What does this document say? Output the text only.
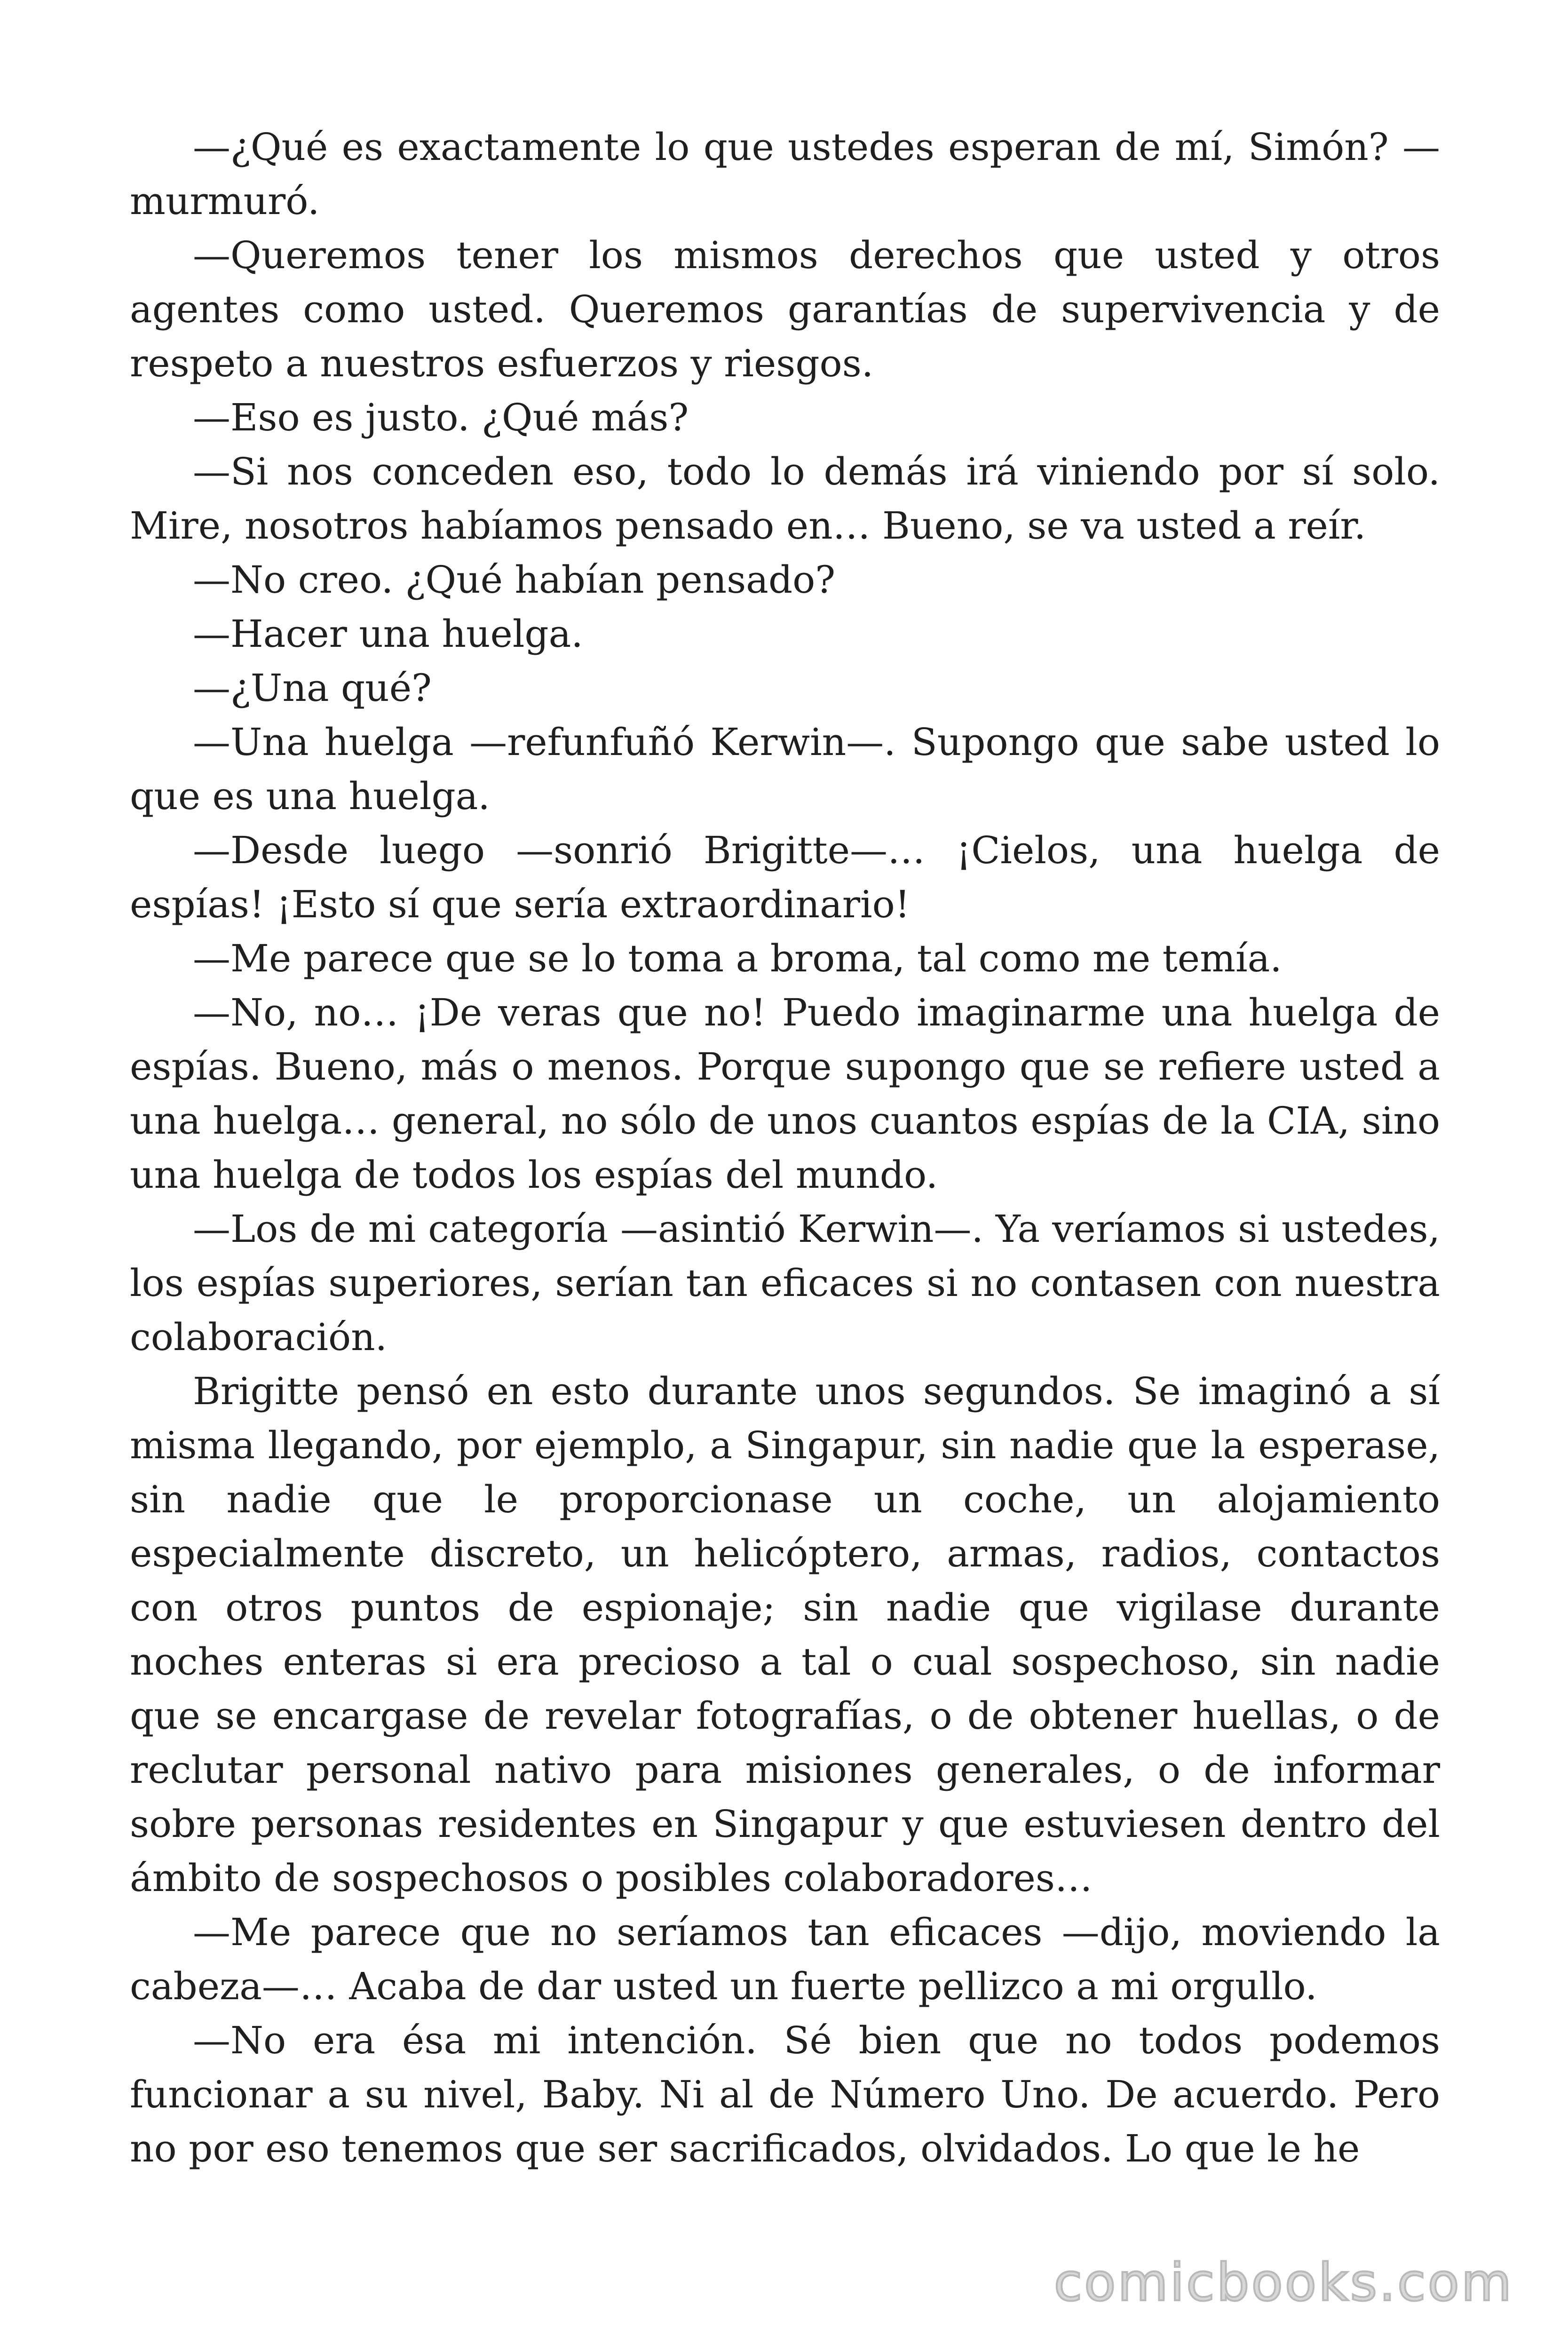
—¿Qué es exactamente lo que ustedes esperan de mí, Simón? —murmuró.

—Queremos tener los mismos derechos que usted y otros agentes como usted. Queremos garantías de supervivencia y de respeto a nuestros esfuerzos y riesgos.

—Eso es justo. ¿Qué más?

—Si nos conceden eso, todo lo demás irá viniendo por sí solo. Mire, nosotros habíamos pensado en… Bueno, se va usted a reír.

—No creo. ¿Qué habían pensado?

—Hacer una huelga.

—¿Una qué?

—Una huelga —refunfuñó Kerwin—. Supongo que sabe usted lo que es una huelga.

—Desde luego —sonrió Brigitte—… ¡Cielos, una huelga de espías! ¡Esto sí que sería extraordinario!

—Me parece que se lo toma a broma, tal como me temía.

—No, no… ¡De veras que no! Puedo imaginarme una huelga de espías. Bueno, más o menos. Porque supongo que se refiere usted a una huelga… general, no sólo de unos cuantos espías de la CIA, sino una huelga de todos los espías del mundo.

—Los de mi categoría —asintió Kerwin—. Ya veríamos si ustedes, los espías superiores, serían tan eficaces si no contasen con nuestra colaboración.

Brigitte pensó en esto durante unos segundos. Se imaginó a sí misma llegando, por ejemplo, a Singapur, sin nadie que la esperase, sin nadie que le proporcionase un coche, un alojamiento especialmente discreto, un helicóptero, armas, radios, contactos con otros puntos de espionaje; sin nadie que vigilase durante noches enteras si era precioso a tal o cual sospechoso, sin nadie que se encargase de revelar fotografías, o de obtener huellas, o de reclutar personal nativo para misiones generales, o de informar sobre personas residentes en Singapur y que estuviesen dentro del ámbito de sospechosos o posibles colaboradores…

—Me parece que no seríamos tan eficaces —dijo, moviendo la cabeza—… Acaba de dar usted un fuerte pellizco a mi orgullo.

—No era ésa mi intención. Sé bien que no todos podemos funcionar a su nivel, Baby. Ni al de Número Uno. De acuerdo. Pero no por eso tenemos que ser sacrificados, olvidados. Lo que le he

comicbooks.com
